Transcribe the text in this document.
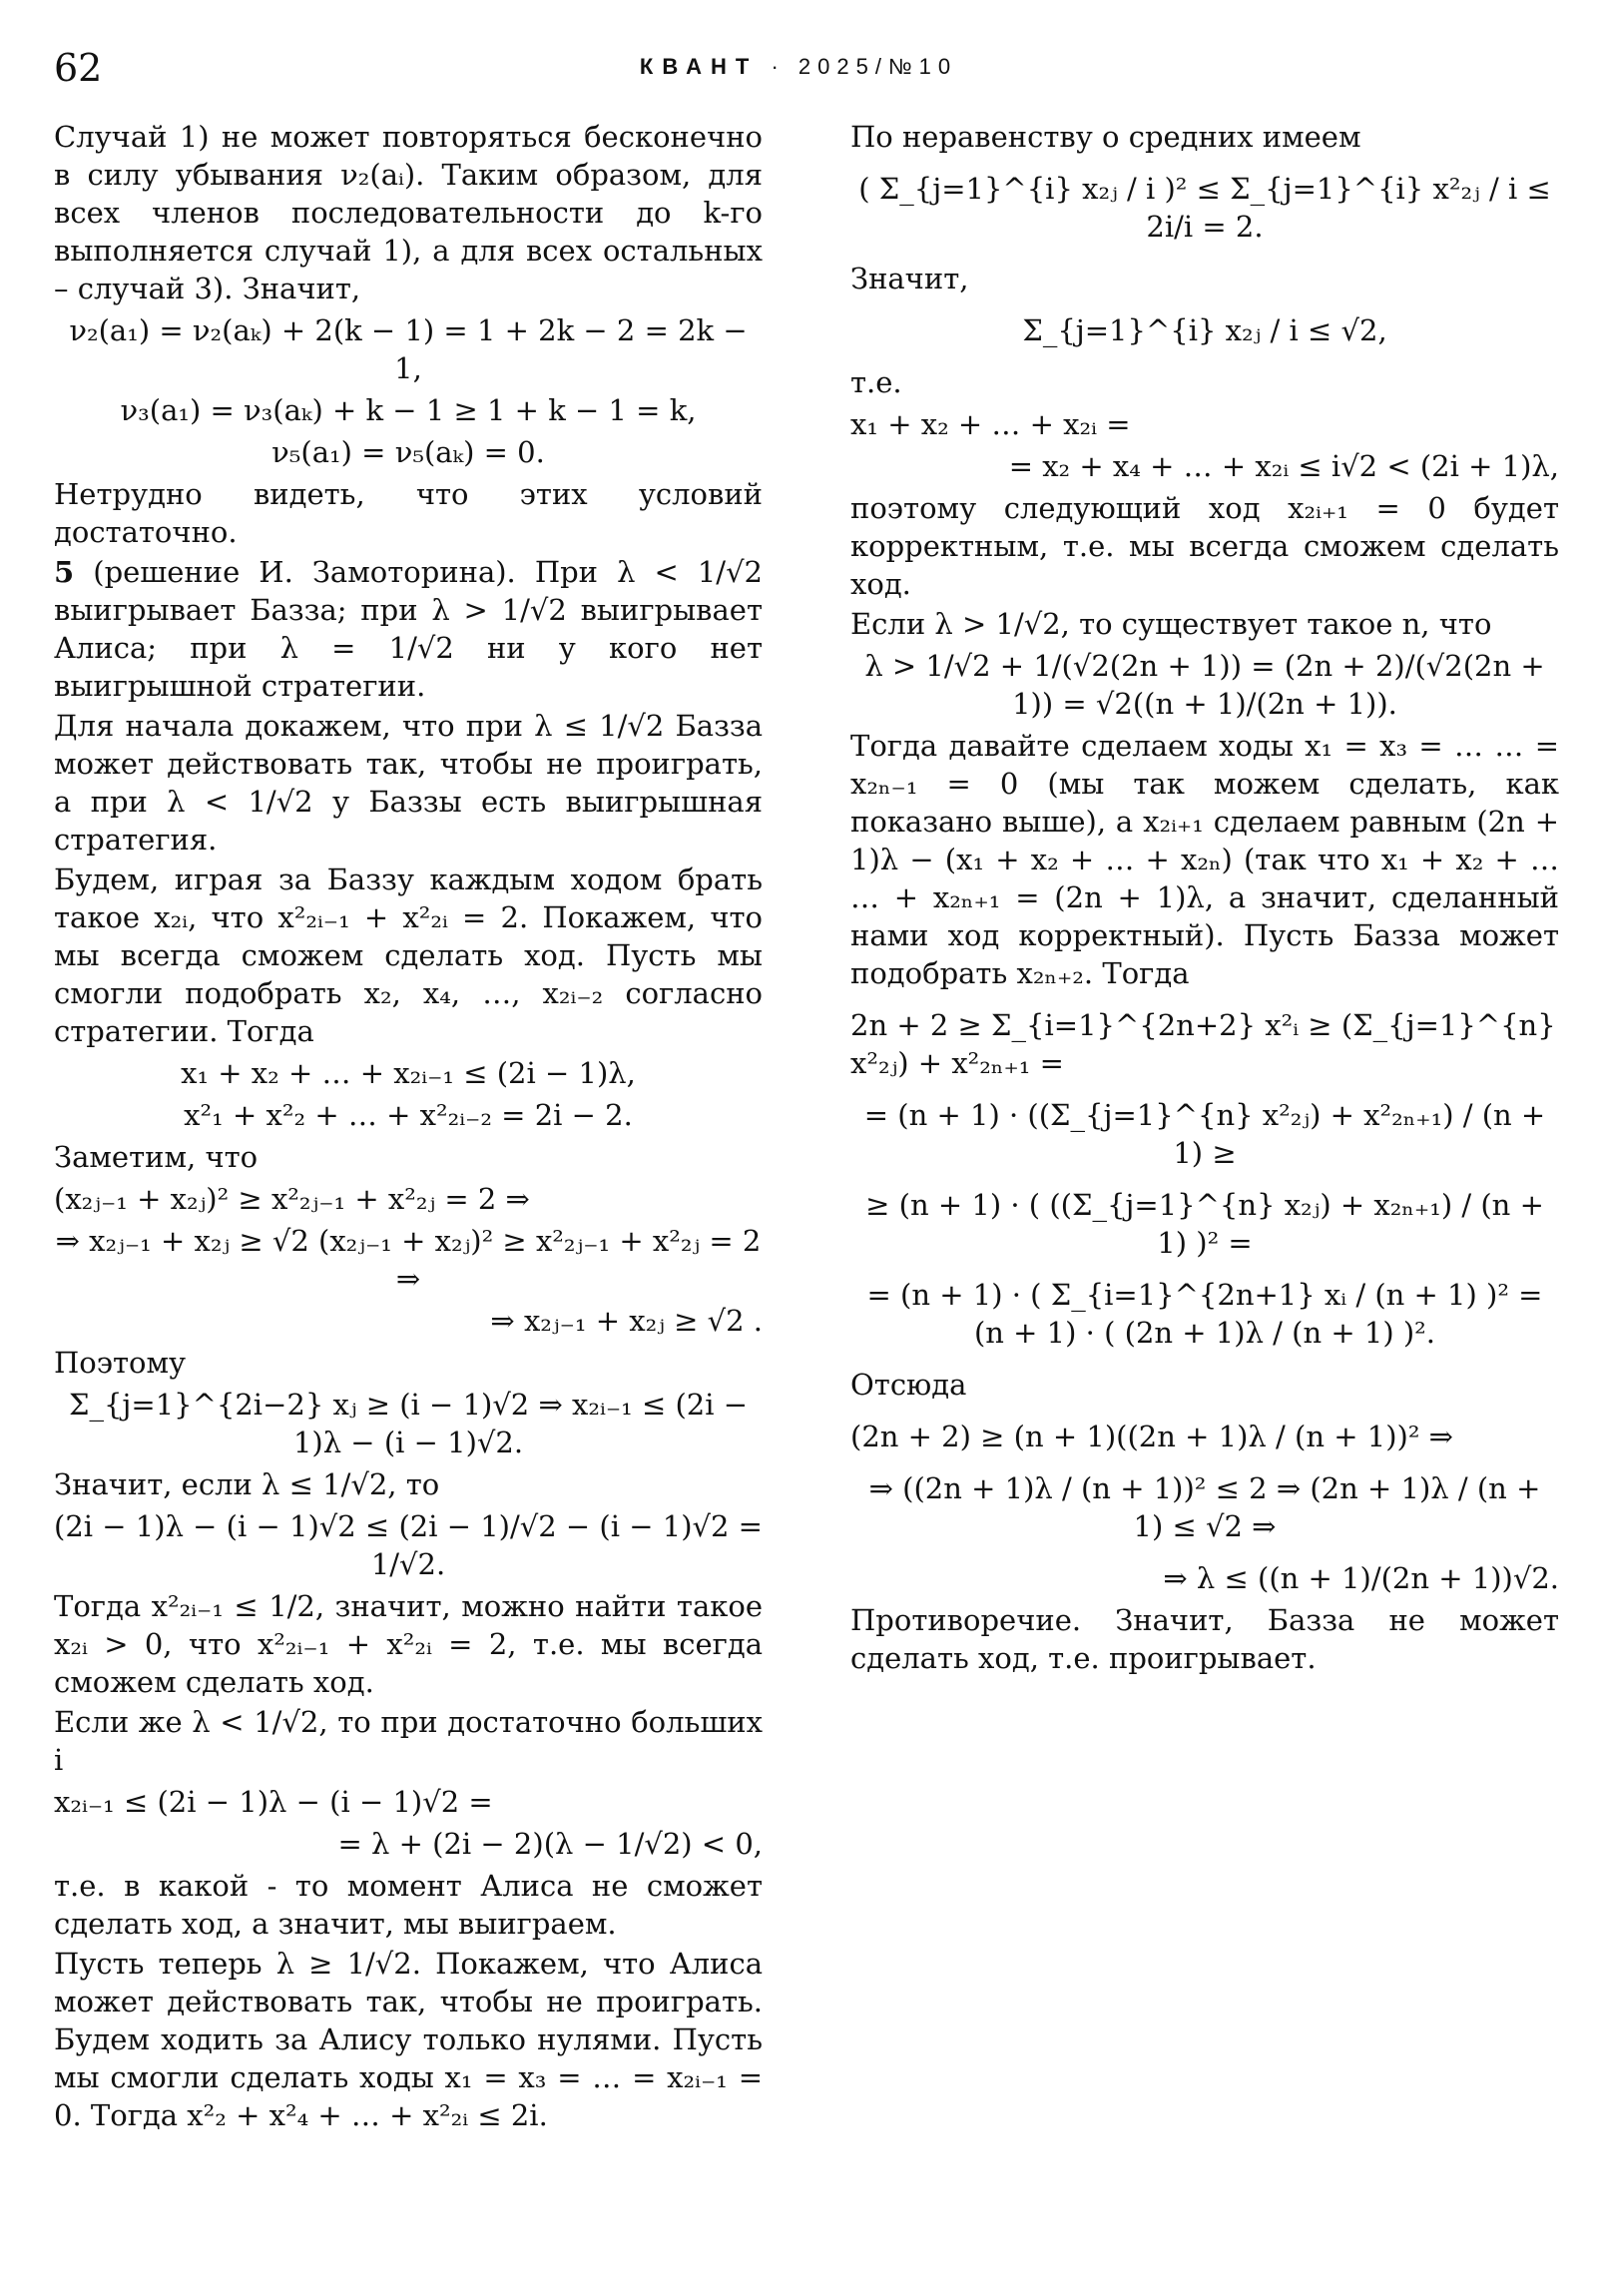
62	КВАНТ · 2025/№10

Случай 1) не может повторяться бесконечно в силу убывания ν₂(aᵢ). Таким образом, для всех членов последовательности до k-го выполняется случай 1), а для всех остальных – случай 3). Значит,

ν₂(a₁) = ν₂(aₖ) + 2(k − 1) = 1 + 2k − 2 = 2k − 1,
ν₃(a₁) = ν₃(aₖ) + k − 1 ≥ 1 + k − 1 = k,
ν₅(a₁) = ν₅(aₖ) = 0.

Нетрудно видеть, что этих условий достаточно.

5 (решение И. Замоторина). При λ < 1/√2 выигрывает Базза; при λ > 1/√2 выигрывает Алиса; при λ = 1/√2 ни у кого нет выигрышной стратегии.

Для начала докажем, что при λ ≤ 1/√2 Базза может действовать так, чтобы не проиграть, а при λ < 1/√2 у Баззы есть выигрышная стратегия.

Будем, играя за Баззу каждым ходом брать такое x₂ᵢ, что x²₂ᵢ₋₁ + x²₂ᵢ = 2. Покажем, что мы всегда сможем сделать ход. Пусть мы смогли подобрать x₂, x₄, …, x₂ᵢ₋₂ согласно стратегии. Тогда

x₁ + x₂ + … + x₂ᵢ₋₁ ≤ (2i − 1)λ,
x²₁ + x²₂ + … + x²₂ᵢ₋₂ = 2i − 2.

Заметим, что

(x₂ⱼ₋₁ + x₂ⱼ)² ≥ x²₂ⱼ₋₁ + x²₂ⱼ = 2 ⇒
⇒ x₂ⱼ₋₁ + x₂ⱼ ≥ √2 (x₂ⱼ₋₁ + x₂ⱼ)² ≥ x²₂ⱼ₋₁ + x²₂ⱼ = 2 ⇒
⇒ x₂ⱼ₋₁ + x₂ⱼ ≥ √2 .

Поэтому

Σ_{j=1}^{2i−2} xⱼ ≥ (i − 1)√2 ⇒ x₂ᵢ₋₁ ≤ (2i − 1)λ − (i − 1)√2.

Значит, если λ ≤ 1/√2, то

(2i − 1)λ − (i − 1)√2 ≤ (2i − 1)/√2 − (i − 1)√2 = 1/√2.

Тогда x²₂ᵢ₋₁ ≤ 1/2, значит, можно найти такое x₂ᵢ > 0, что x²₂ᵢ₋₁ + x²₂ᵢ = 2, т.е. мы всегда сможем сделать ход.

Если же λ < 1/√2, то при достаточно больших i

x₂ᵢ₋₁ ≤ (2i − 1)λ − (i − 1)√2 =
= λ + (2i − 2)(λ − 1/√2) < 0,

т.е. в какой - то момент Алиса не сможет сделать ход, а значит, мы выиграем.

Пусть теперь λ ≥ 1/√2. Покажем, что Алиса может действовать так, чтобы не проиграть. Будем ходить за Алису только нулями. Пусть мы смогли сделать ходы x₁ = x₃ = … = x₂ᵢ₋₁ = 0. Тогда x²₂ + x²₄ + … + x²₂ᵢ ≤ 2i.

По неравенству о средних имеем

( Σ_{j=1}^{i} x₂ⱼ / i )² ≤ Σ_{j=1}^{i} x²₂ⱼ / i ≤ 2i/i = 2.

Значит,

Σ_{j=1}^{i} x₂ⱼ / i ≤ √2,

т.е.

x₁ + x₂ + … + x₂ᵢ =
= x₂ + x₄ + … + x₂ᵢ ≤ i√2 < (2i + 1)λ,

поэтому следующий ход x₂ᵢ₊₁ = 0 будет корректным, т.е. мы всегда сможем сделать ход.

Если λ > 1/√2, то существует такое n, что

λ > 1/√2 + 1/(√2(2n + 1)) = (2n + 2)/(√2(2n + 1)) = √2((n + 1)/(2n + 1)).

Тогда давайте сделаем ходы x₁ = x₃ = … … = x₂ₙ₋₁ = 0 (мы так можем сделать, как показано выше), а x₂ᵢ₊₁ сделаем равным (2n + 1)λ − (x₁ + x₂ + … + x₂ₙ) (так что x₁ + x₂ + … … + x₂ₙ₊₁ = (2n + 1)λ, а значит, сделанный нами ход корректный). Пусть Базза может подобрать x₂ₙ₊₂. Тогда

2n + 2 ≥ Σ_{i=1}^{2n+2} x²ᵢ ≥ (Σ_{j=1}^{n} x²₂ⱼ) + x²₂ₙ₊₁ =
= (n + 1) · ((Σ_{j=1}^{n} x²₂ⱼ) + x²₂ₙ₊₁) / (n + 1) ≥
≥ (n + 1) · ( ((Σ_{j=1}^{n} x₂ⱼ) + x₂ₙ₊₁) / (n + 1) )² =
= (n + 1) · ( Σ_{i=1}^{2n+1} xᵢ / (n + 1) )² = (n + 1) · ( (2n + 1)λ / (n + 1) )².

Отсюда

(2n + 2) ≥ (n + 1)((2n + 1)λ / (n + 1))² ⇒
⇒ ((2n + 1)λ / (n + 1))² ≤ 2 ⇒ (2n + 1)λ / (n + 1) ≤ √2 ⇒
⇒ λ ≤ ((n + 1)/(2n + 1))√2.

Противоречие. Значит, Базза не может сделать ход, т.е. проигрывает.
